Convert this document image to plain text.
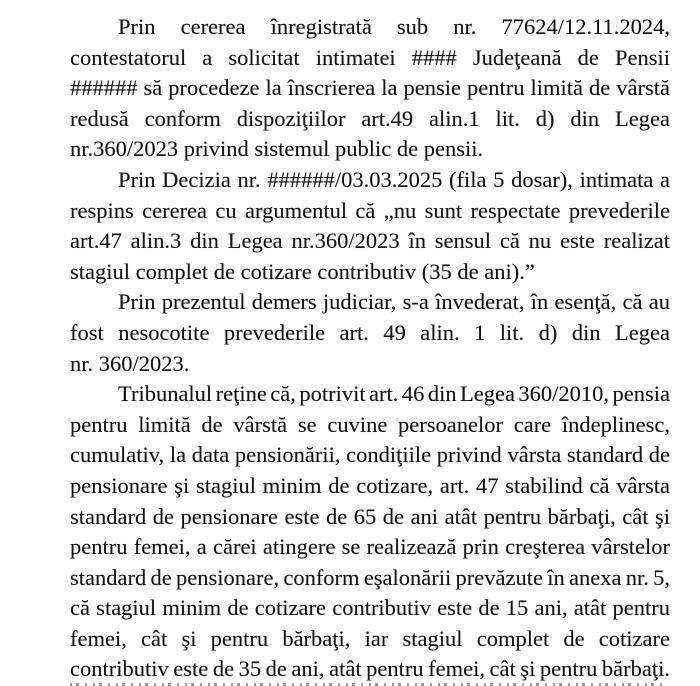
Prin cererea înregistrată sub nr. 77624/12.11.2024,
contestatorul a solicitat intimatei #### Judeţeană de Pensii
###### să procedeze la înscrierea la pensie pentru limită de vârstă
redusă conform dispoziţiilor art.49 alin.1 lit. d) din Legea
nr.360/2023 privind sistemul public de pensii.
Prin Decizia nr. ######/03.03.2025 (fila 5 dosar), intimata a
respins cererea cu argumentul că „nu sunt respectate prevederile
art.47 alin.3 din Legea nr.360/2023 în sensul că nu este realizat
stagiul complet de cotizare contributiv (35 de ani).”
Prin prezentul demers judiciar, s-a învederat, în esenţă, că au
fost nesocotite prevederile art. 49 alin. 1 lit. d) din Legea
nr. 360/2023.
Tribunalul reţine că, potrivit art. 46 din Legea 360/2010, pensia
pentru limită de vârstă se cuvine persoanelor care îndeplinesc,
cumulativ, la data pensionării, condiţiile privind vârsta standard de
pensionare şi stagiul minim de cotizare, art. 47 stabilind că vârsta
standard de pensionare este de 65 de ani atât pentru bărbaţi, cât şi
pentru femei, a cărei atingere se realizează prin creşterea vârstelor
standard de pensionare, conform eşalonării prevăzute în anexa nr. 5,
că stagiul minim de cotizare contributiv este de 15 ani, atât pentru
femei, cât şi pentru bărbaţi, iar stagiul complet de cotizare
contributiv este de 35 de ani, atât pentru femei, cât şi pentru bărbaţi.
